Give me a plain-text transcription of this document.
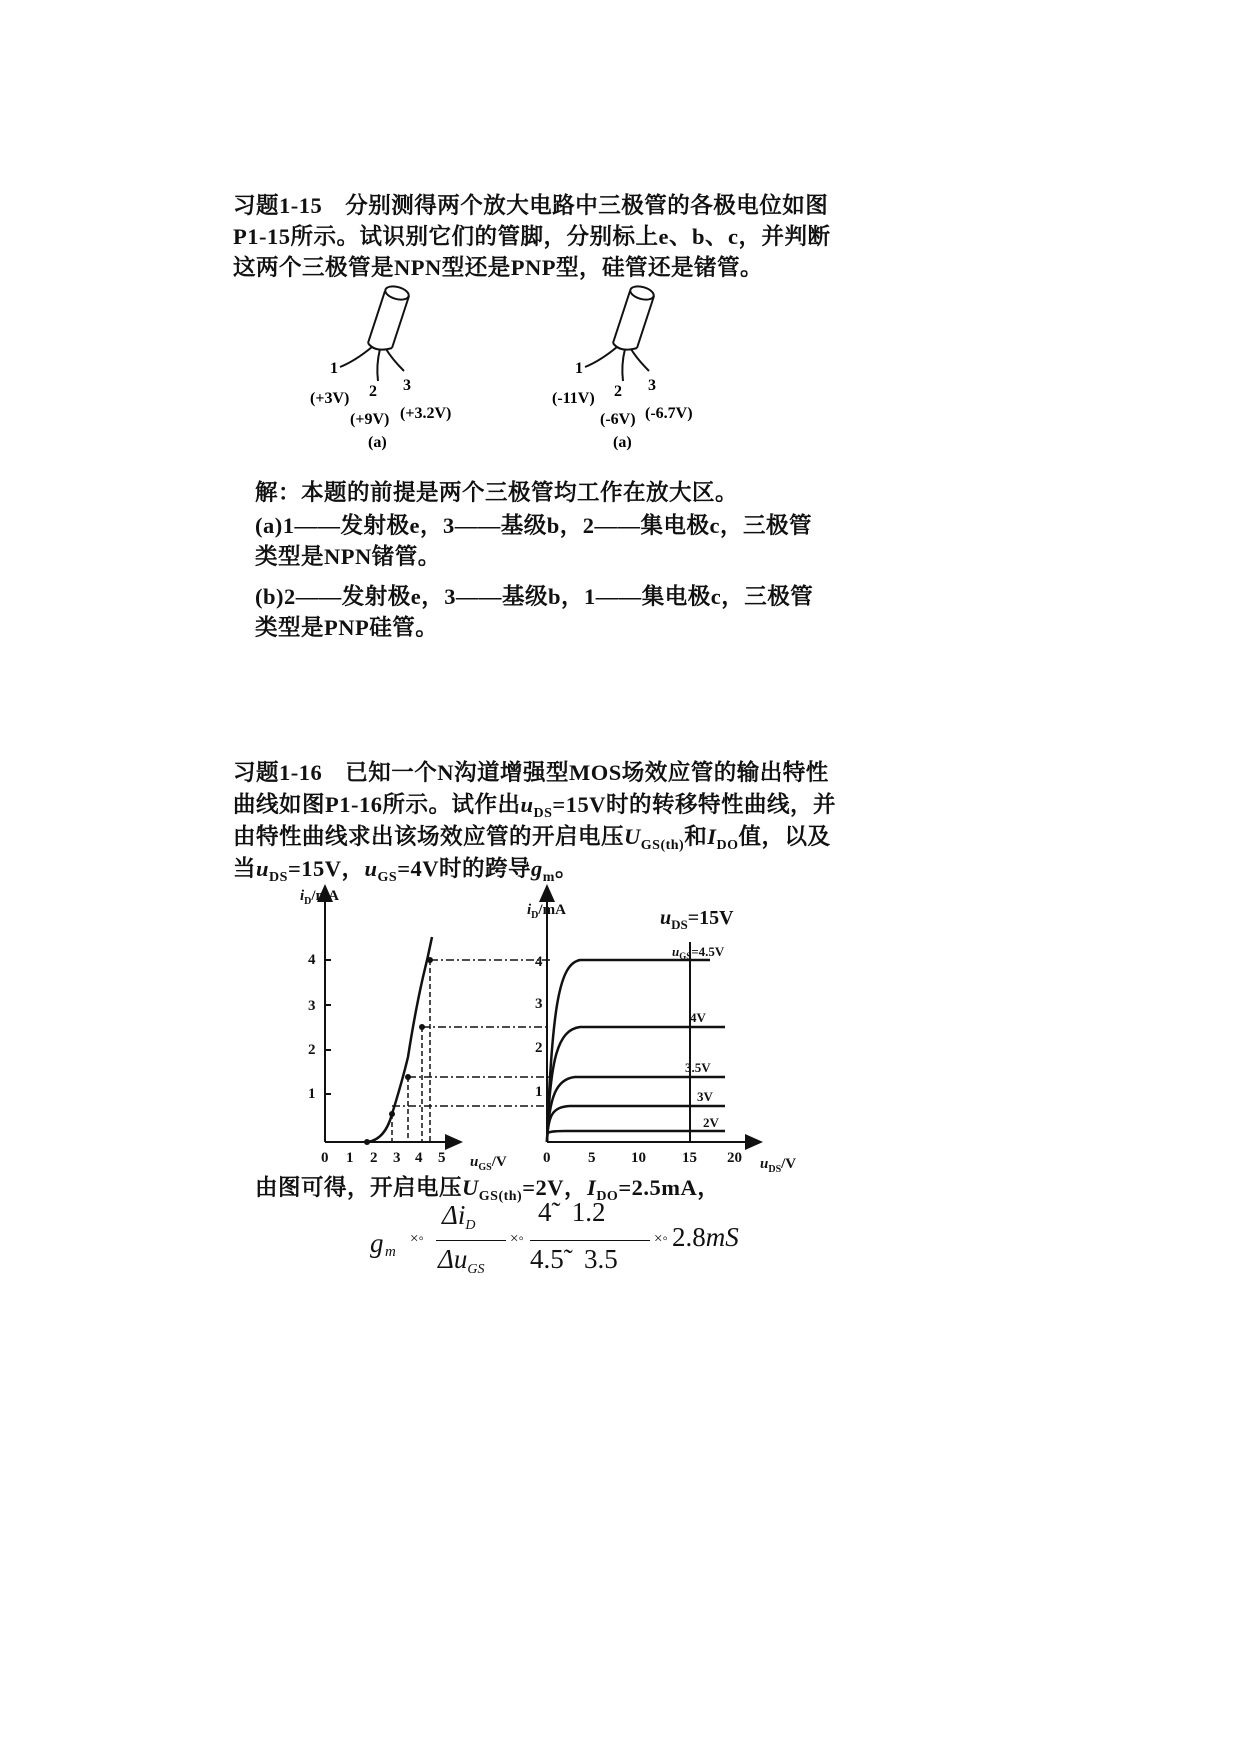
习题1-15　分别测得两个放大电路中三极管的各极电位如图
P1-15所示。试识别它们的管脚，分别标上e、b、c，并判断
这两个三极管是NPN型还是PNP型，硅管还是锗管。
1
2 3
(+3V)
(+9V) (+3.2V)
(a)
1
2 3
(-11V)
(-6V) (-6.7V)
(a)
解：本题的前提是两个三极管均工作在放大区。
(a)1——发射极e，3——基级b，2——集电极c，三极管
类型是NPN锗管。
(b)2——发射极e，3——基级b，1——集电极c，三极管
类型是PNP硅管。
习题1-16　已知一个N沟道增强型MOS场效应管的输出特性
曲线如图P1-16所示。试作出$u_{DS}=15V$时的转移特性曲线，并
由特性曲线求出该场效应管的开启电压$U_{GS(th)}$和$I_{DO}$值，以及
当$u_{DS}=15V$，$u_{GS}=4V$时的跨导$g_m$。
$i_D/mA$
$u_{GS}/V$
1
2
3
4
0 1 2 3 4 5
$i_D/mA$
$u_{DS}/V$
$u_{DS}=15V$
1
2
3
4
0	5 10 15 20
$u_{GS}=4.5V$
4V
3.5V
3V
2V
由图可得，开启电压$U_{GS(th)}=2V$，$I_{DO}=2.5mA$，
g m
×◦
$\Delta i_D$
$\Delta u_{GS}$
×◦
4̃   1.2
4.5̃   3.5
×◦ 2.8mS
